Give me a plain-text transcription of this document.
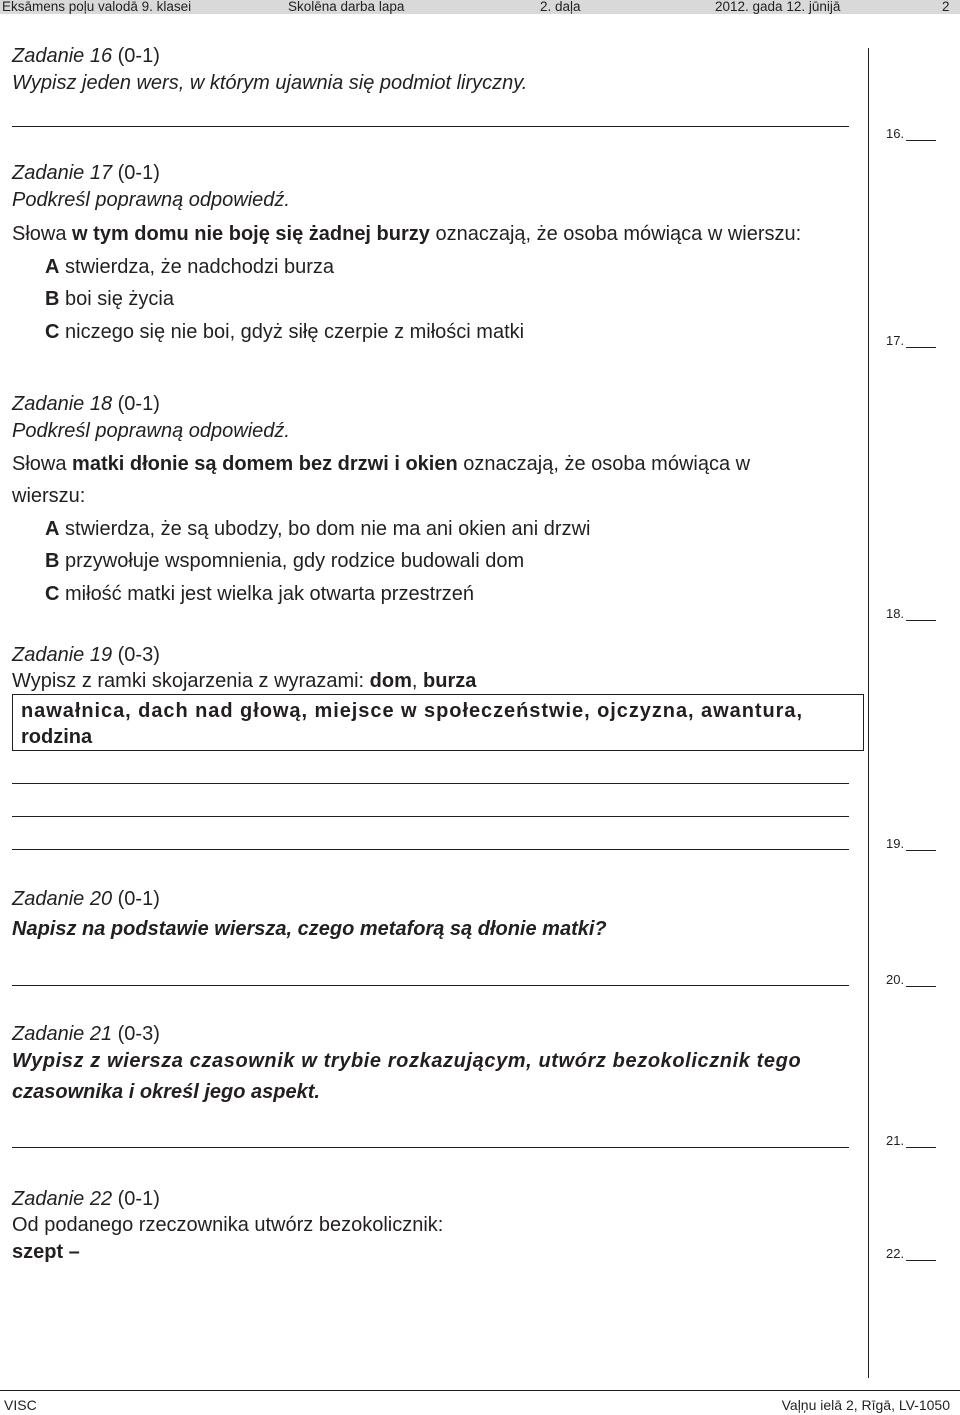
Eksāmens poļu valodā 9. klasei	Skolēna darba lapa	2. daļa	2012. gada 12. jūnijā	2
Zadanie 16 (0-1)
Wypisz jeden wers, w którym ujawnia się podmiot liryczny.
16.
Zadanie 17 (0-1)
Podkreśl poprawną odpowiedź.
Słowa w tym domu nie boję się żadnej burzy oznaczają, że osoba mówiąca w wierszu:
A stwierdza, że nadchodzi burza
B boi się życia
C niczego się nie boi, gdyż siłę czerpie z miłości matki	17.
Zadanie 18 (0-1)
Podkreśl poprawną odpowiedź.
Słowa matki dłonie są domem bez drzwi i okien oznaczają, że osoba mówiąca w
wierszu:
A stwierdza, że są ubodzy, bo dom nie ma ani okien ani drzwi
B przywołuje wspomnienia, gdy rodzice budowali dom
C miłość matki jest wielka jak otwarta przestrzeń
18.
Zadanie 19 (0-3)
Wypisz z ramki skojarzenia z wyrazami: dom, burza
nawałnica, dach nad głową, miejsce w społeczeństwie, ojczyzna, awantura,
rodzina
19.
Zadanie 20 (0-1)
Napisz na podstawie wiersza, czego metaforą są dłonie matki?
20.
Zadanie 21 (0-3)
Wypisz z wiersza czasownik w trybie rozkazującym, utwórz bezokolicznik tego
czasownika i określ jego aspekt.
21.
Zadanie 22 (0-1)
Od podanego rzeczownika utwórz bezokolicznik:
szept –	22.
VISC	Vaļņu ielā 2, Rīgā, LV-1050
